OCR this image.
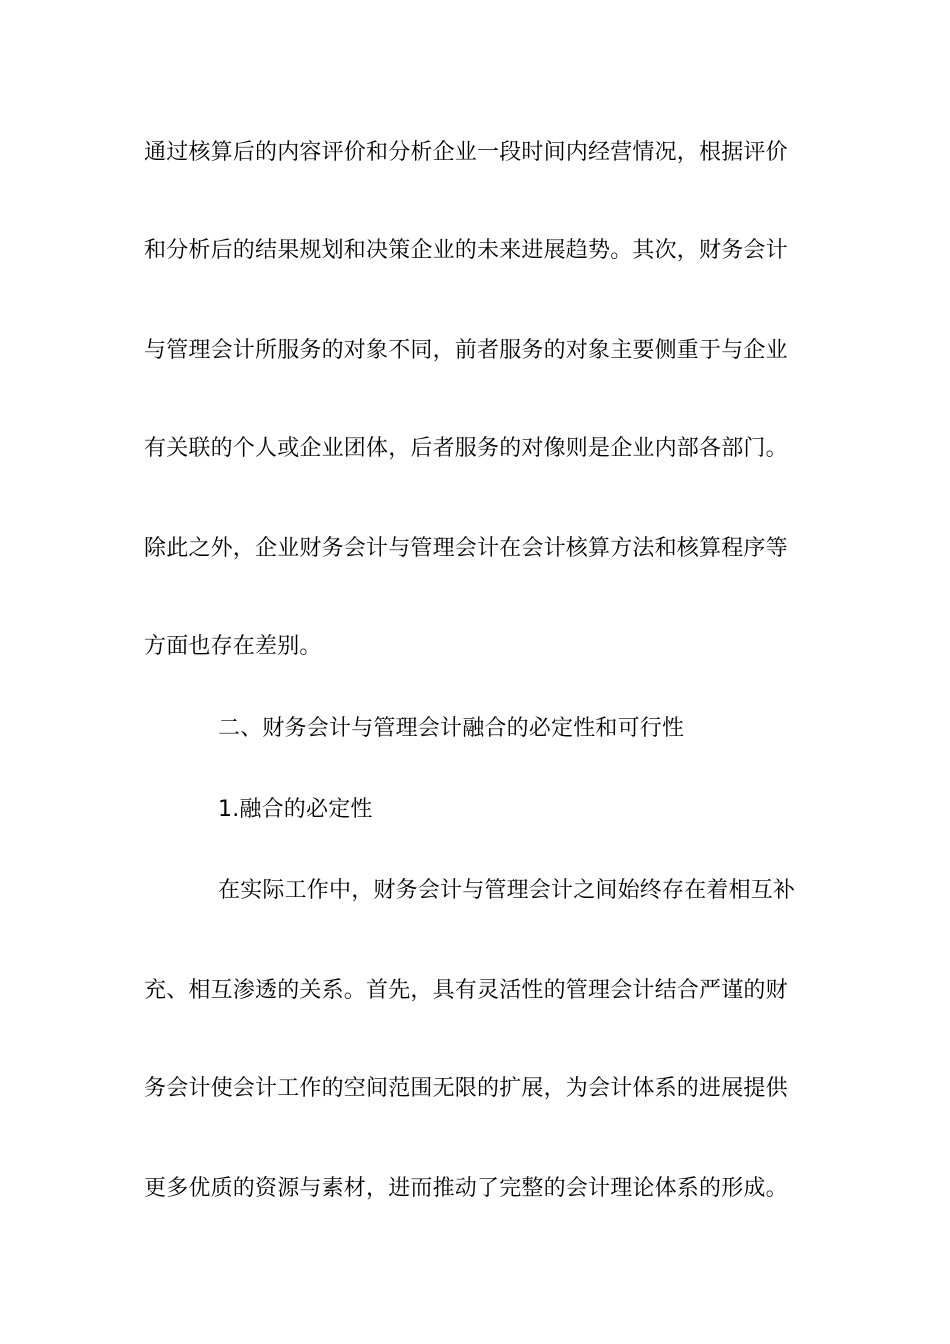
通过核算后的内容评价和分析企业一段时间内经营情况，根据评价
和分析后的结果规划和决策企业的未来进展趋势。其次，财务会计
与管理会计所服务的对象不同，前者服务的对象主要侧重于与企业
有关联的个人或企业团体，后者服务的对像则是企业内部各部门。
除此之外，企业财务会计与管理会计在会计核算方法和核算程序等
方面也存在差别。
二、财务会计与管理会计融合的必定性和可行性
1.融合的必定性
在实际工作中，财务会计与管理会计之间始终存在着相互补
充、相互渗透的关系。首先，具有灵活性的管理会计结合严谨的财
务会计使会计工作的空间范围无限的扩展，为会计体系的进展提供
更多优质的资源与素材，进而推动了完整的会计理论体系的形成。
